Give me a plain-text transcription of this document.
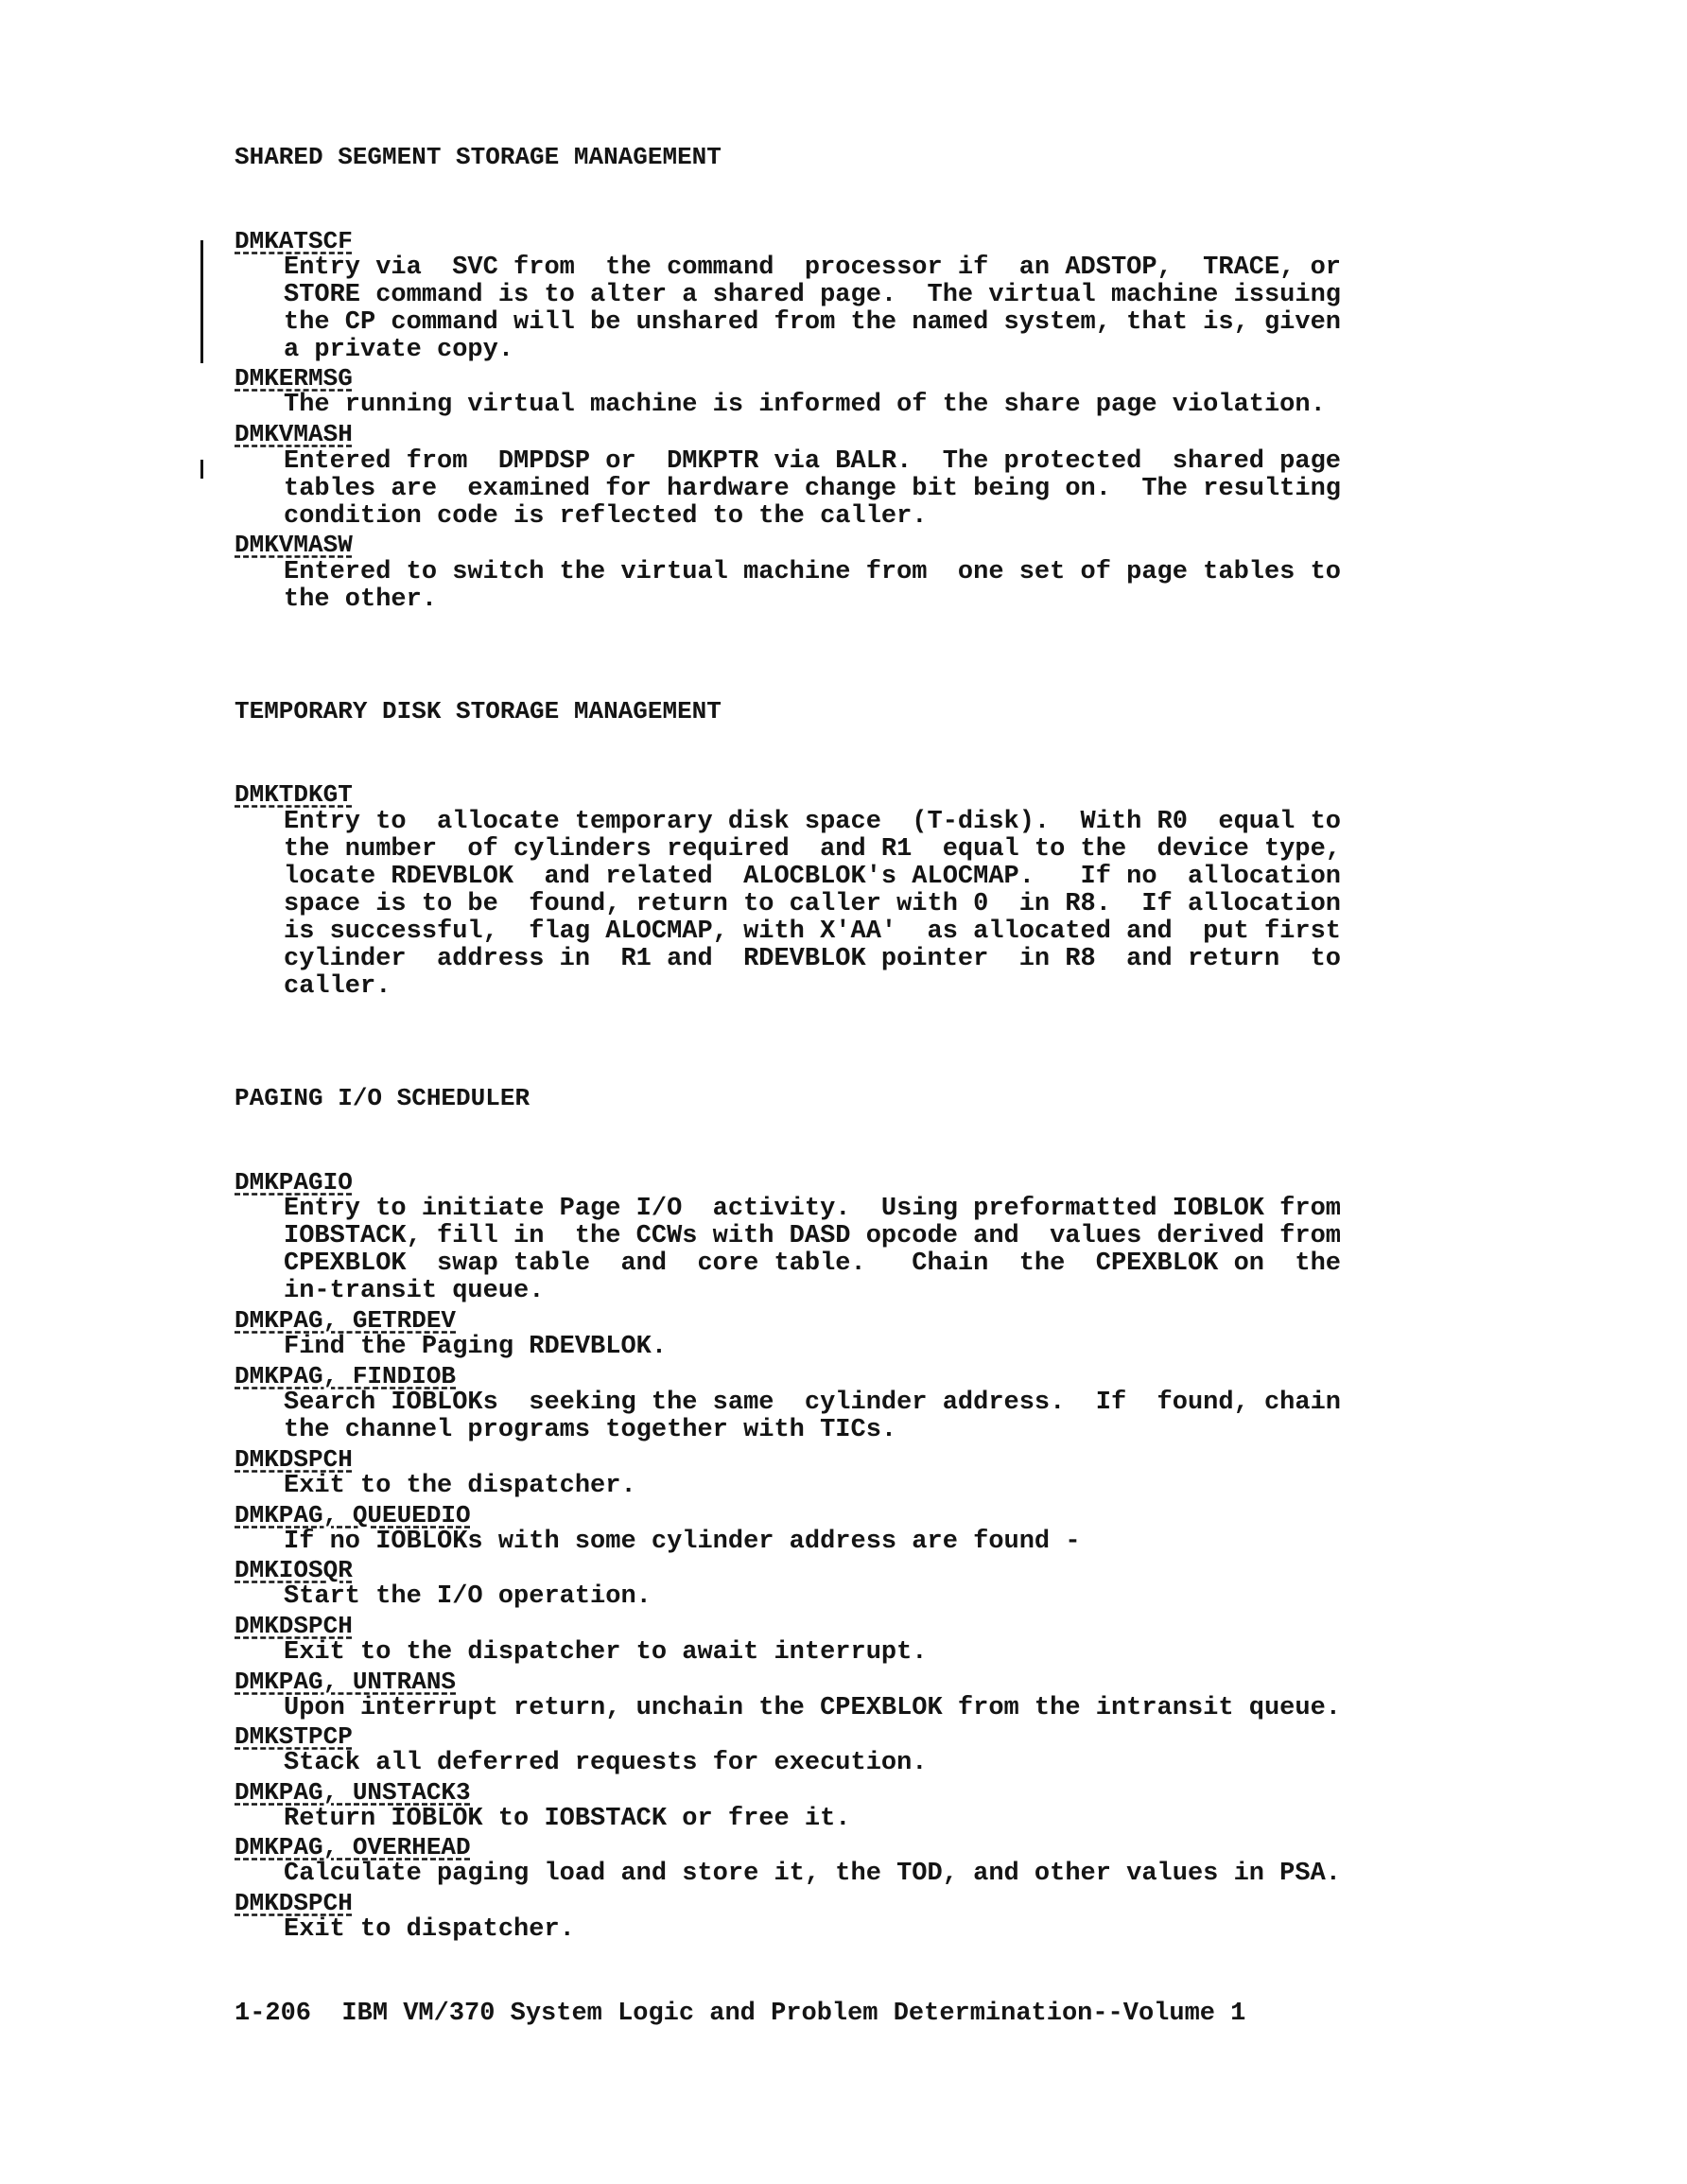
SHARED SEGMENT STORAGE MANAGEMENT
DMKATSCF
Entry via  SVC from  the command  processor if  an ADSTOP,  TRACE, or
STORE command is to alter a shared page.  The virtual machine issuing
the CP command will be unshared from the named system, that is, given
a private copy.
DMKERMSG
The running virtual machine is informed of the share page violation.
DMKVMASH
Entered from  DMPDSP or  DMKPTR via BALR.  The protected  shared page
tables are  examined for hardware change bit being on.  The resulting
condition code is reflected to the caller.
DMKVMASW
Entered to switch the virtual machine from  one set of page tables to
the other.
TEMPORARY DISK STORAGE MANAGEMENT
DMKTDKGT
Entry to  allocate temporary disk space  (T-disk).  With R0  equal to
the number  of cylinders required  and R1  equal to the  device type,
locate RDEVBLOK  and related  ALOCBLOK's ALOCMAP.   If no  allocation
space is to be  found, return to caller with 0  in R8.  If allocation
is successful,  flag ALOCMAP, with X'AA'  as allocated and  put first
cylinder  address in  R1 and  RDEVBLOK pointer  in R8  and return  to
caller.
PAGING I/O SCHEDULER
DMKPAGIO
Entry to initiate Page I/O  activity.  Using preformatted IOBLOK from
IOBSTACK, fill in  the CCWs with DASD opcode and  values derived from
CPEXBLOK  swap table  and  core table.   Chain  the  CPEXBLOK on  the
in-transit queue.
DMKPAG, GETRDEV
Find the Paging RDEVBLOK.
DMKPAG, FINDIOB
Search IOBLOKs  seeking the same  cylinder address.  If  found, chain
the channel programs together with TICs.
DMKDSPCH
Exit to the dispatcher.
DMKPAG, QUEUEDIO
If no IOBLOKs with some cylinder address are found -
DMKIOSQR
Start the I/O operation.
DMKDSPCH
Exit to the dispatcher to await interrupt.
DMKPAG, UNTRANS
Upon interrupt return, unchain the CPEXBLOK from the intransit queue.
DMKSTPCP
Stack all deferred requests for execution.
DMKPAG, UNSTACK3
Return IOBLOK to IOBSTACK or free it.
DMKPAG, OVERHEAD
Calculate paging load and store it, the TOD, and other values in PSA.
DMKDSPCH
Exit to dispatcher.
1-206  IBM VM/370 System Logic and Problem Determination--Volume 1
